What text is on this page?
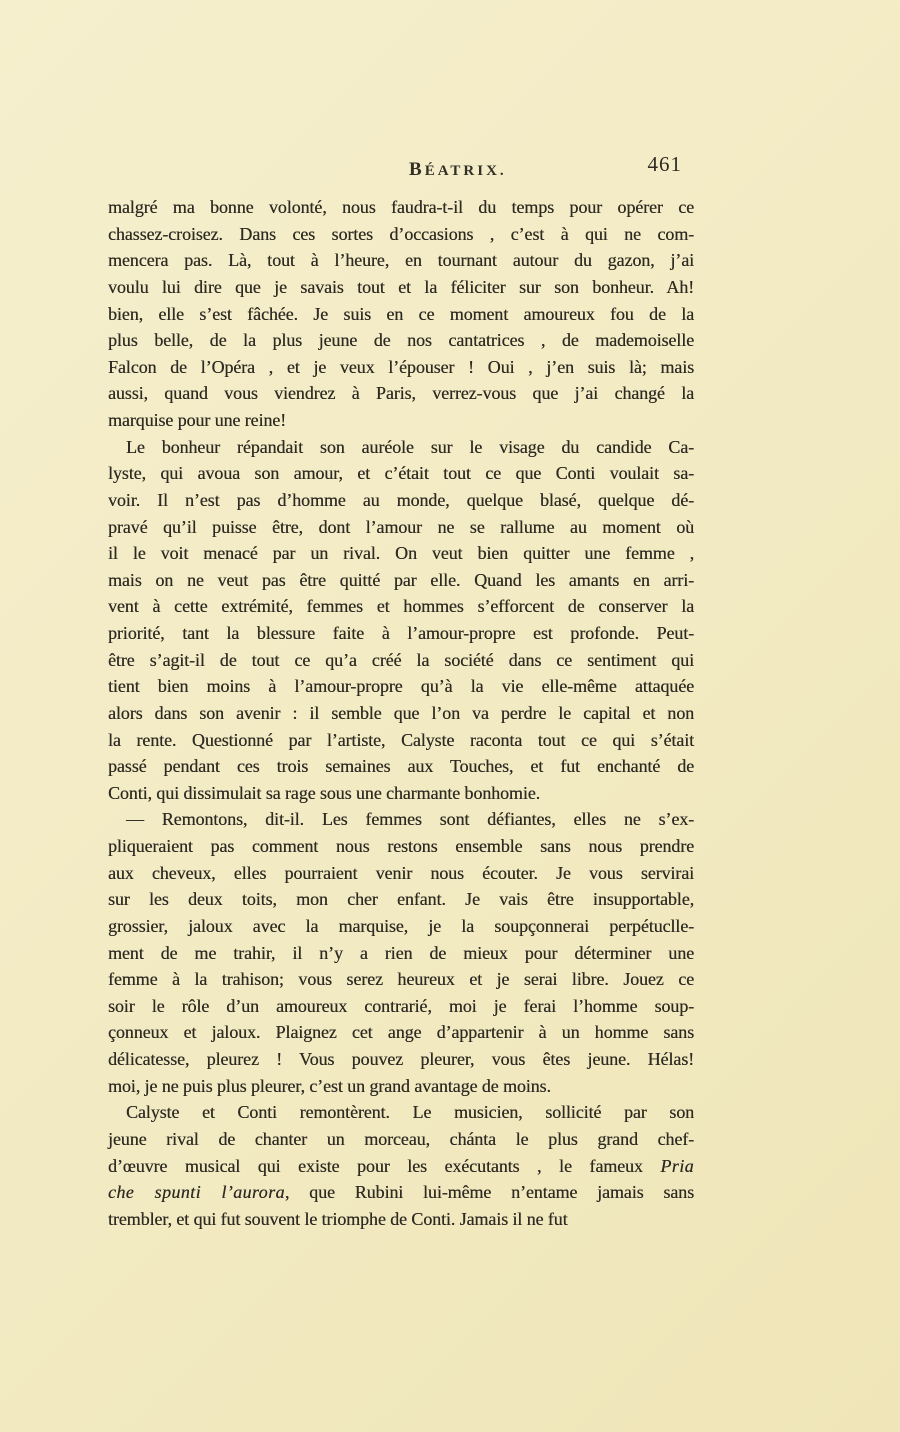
BÉATRIX.	461
malgré ma bonne volonté, nous faudra-t-il du temps pour opérer ce
chassez-croisez. Dans ces sortes d’occasions , c’est à qui ne com-
mencera pas. Là, tout à l’heure, en tournant autour du gazon, j’ai
voulu lui dire que je savais tout et la féliciter sur son bonheur. Ah!
bien, elle s’est fâchée. Je suis en ce moment amoureux fou de la
plus belle, de la plus jeune de nos cantatrices , de mademoiselle
Falcon de l’Opéra , et je veux l’épouser ! Oui , j’en suis là; mais
aussi, quand vous viendrez à Paris, verrez-vous que j’ai changé la
marquise pour une reine!
Le bonheur répandait son auréole sur le visage du candide Ca-
lyste, qui avoua son amour, et c’était tout ce que Conti voulait sa-
voir. Il n’est pas d’homme au monde, quelque blasé, quelque dé-
pravé qu’il puisse être, dont l’amour ne se rallume au moment où
il le voit menacé par un rival. On veut bien quitter une femme ,
mais on ne veut pas être quitté par elle. Quand les amants en arri-
vent à cette extrémité, femmes et hommes s’efforcent de conserver la
priorité, tant la blessure faite à l’amour-propre est profonde. Peut-
être s’agit-il de tout ce qu’a créé la société dans ce sentiment qui
tient bien moins à l’amour-propre qu’à la vie elle-même attaquée
alors dans son avenir : il semble que l’on va perdre le capital et non
la rente. Questionné par l’artiste, Calyste raconta tout ce qui s’était
passé pendant ces trois semaines aux Touches, et fut enchanté de
Conti, qui dissimulait sa rage sous une charmante bonhomie.
— Remontons, dit-il. Les femmes sont défiantes, elles ne s’ex-
pliqueraient pas comment nous restons ensemble sans nous prendre
aux cheveux, elles pourraient venir nous écouter. Je vous servirai
sur les deux toits, mon cher enfant. Je vais être insupportable,
grossier, jaloux avec la marquise, je la soupçonnerai perpétuclle-
ment de me trahir, il n’y a rien de mieux pour déterminer une
femme à la trahison; vous serez heureux et je serai libre. Jouez ce
soir le rôle d’un amoureux contrarié, moi je ferai l’homme soup-
çonneux et jaloux. Plaignez cet ange d’appartenir à un homme sans
délicatesse, pleurez ! Vous pouvez pleurer, vous êtes jeune. Hélas!
moi, je ne puis plus pleurer, c’est un grand avantage de moins.
Calyste et Conti remontèrent. Le musicien, sollicité par son
jeune rival de chanter un morceau, chánta le plus grand chef-
d’œuvre musical qui existe pour les exécutants , le fameux Pria
che spunti l’aurora, que Rubini lui-même n’entame jamais sans
trembler, et qui fut souvent le triomphe de Conti. Jamais il ne fut
